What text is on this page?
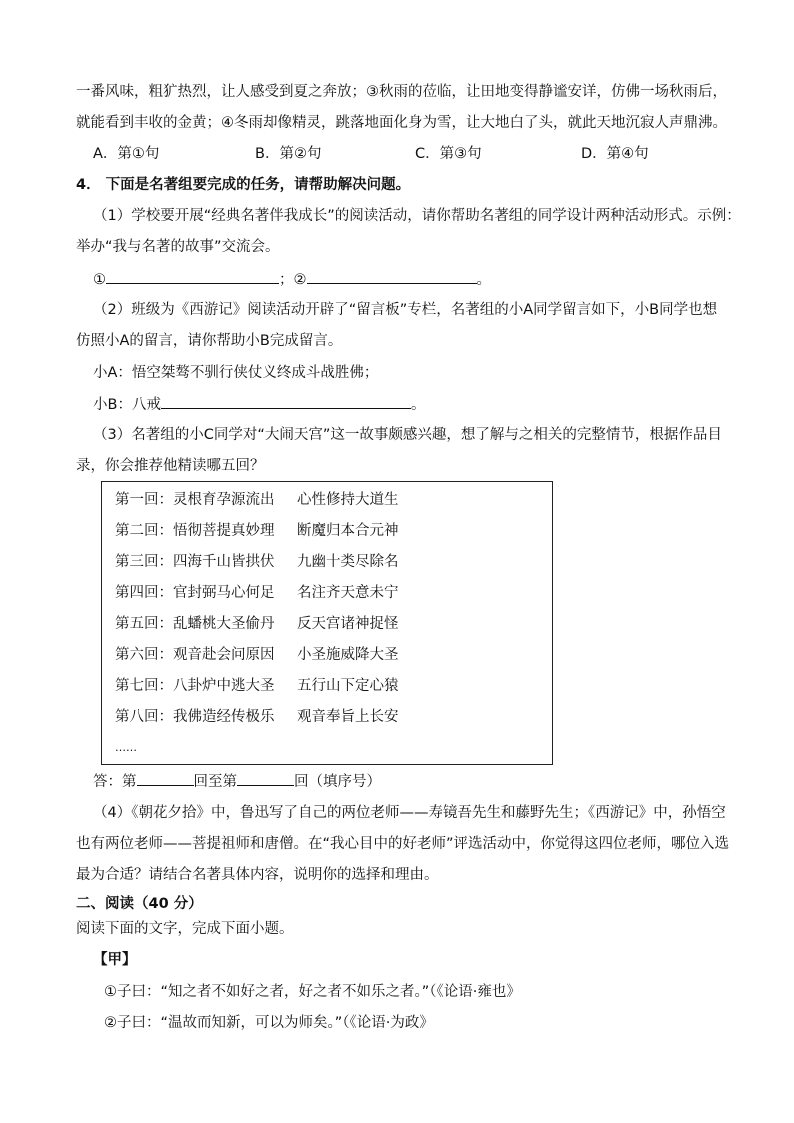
一番风味，粗犷热烈，让人感受到夏之奔放；③秋雨的莅临，让田地变得静谧安详，仿佛一场秋雨后，
就能看到丰收的金黄；④冬雨却像精灵，跳落地面化身为雪，让大地白了头，就此天地沉寂人声鼎沸。
A．第①句	B．第②句	C．第③句	D．第④句
4． 下面是名著组要完成的任务，请帮助解决问题。
（1）学校要开展“经典名著伴我成长”的阅读活动，请你帮助名著组的同学设计两种活动形式。示例：
举办“我与名著的故事”交流会。
①	；②	。
（2）班级为《西游记》阅读活动开辟了“留言板”专栏，名著组的小A同学留言如下，小B同学也想
仿照小A的留言，请你帮助小B完成留言。
小A：悟空桀骜不驯行侠仗义终成斗战胜佛；
小B：八戒	。
（3）名著组的小C同学对“大闹天宫”这一故事颇感兴趣，想了解与之相关的完整情节，根据作品目
录，你会推荐他精读哪五回？
第一回：灵根育孕源流出 心性修持大道生
第二回：悟彻菩提真妙理 断魔归本合元神
第三回：四海千山皆拱伏 九幽十类尽除名
第四回：官封弼马心何足 名注齐天意未宁
第五回：乱蟠桃大圣偷丹 反天宫诸神捉怪
第六回：观音赴会问原因 小圣施威降大圣
第七回：八卦炉中逃大圣 五行山下定心猿
第八回：我佛造经传极乐 观音奉旨上长安
……
答：第	回至第	回（填序号）
（4）《朝花夕拾》中，鲁迅写了自己的两位老师——寿镜吾先生和藤野先生；《西游记》中，孙悟空
也有两位老师——菩提祖师和唐僧。在“我心目中的好老师”评选活动中，你觉得这四位老师，哪位入选
最为合适？请结合名著具体内容，说明你的选择和理由。
二、阅读（40 分）
阅读下面的文字，完成下面小题。
【甲】
①子曰：“知之者不如好之者，好之者不如乐之者。”（《论语·雍也》
②子曰：“温故而知新，可以为师矣。”（《论语·为政》
